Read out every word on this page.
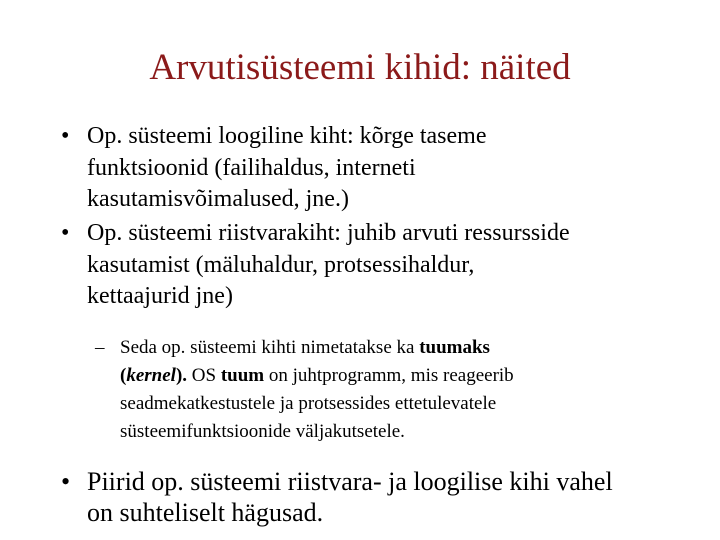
Arvutisüsteemi kihid: näited
• Op. süsteemi loogiline kiht: kõrge taseme
funktsioonid (failihaldus, interneti
kasutamisvõimalused, jne.)
• Op. süsteemi riistvarakiht: juhib arvuti ressursside
kasutamist (mäluhaldur, protsessihaldur,
kettaajurid jne)
– Seda op. süsteemi kihti nimetatakse ka tuumaks
(kernel). OS tuum on juhtprogramm, mis reageerib
seadmekatkestustele ja protsessides ettetulevatele
süsteemifunktsioonide väljakutsetele.
• Piirid op. süsteemi riistvara- ja loogilise kihi vahel
on suhteliselt hägusad.
